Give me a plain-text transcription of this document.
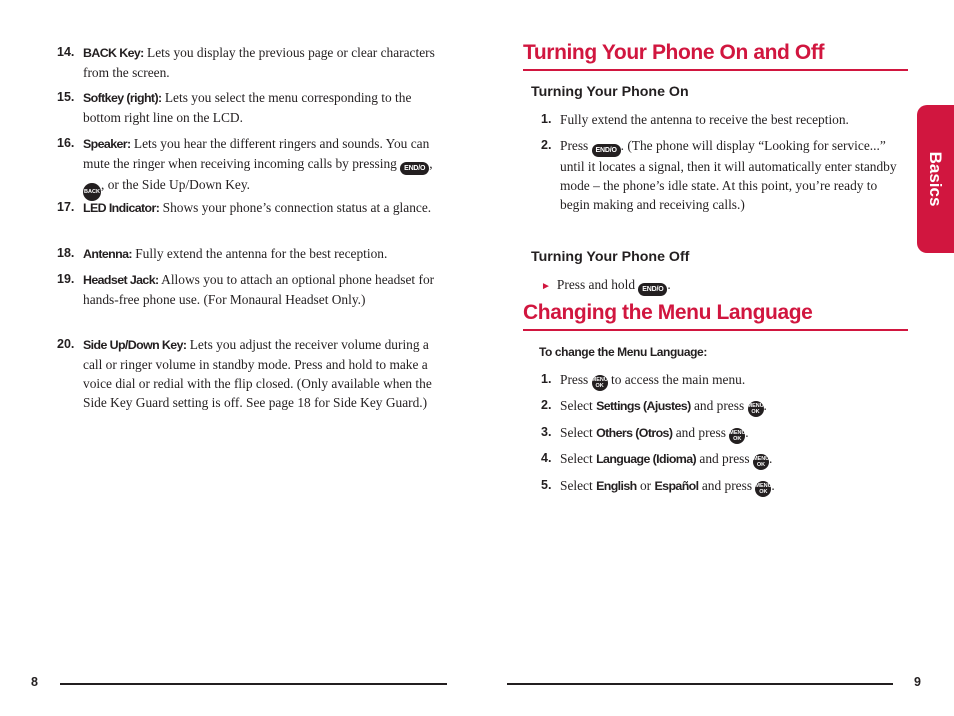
14. BACK Key: Lets you display the previous page or clear characters from the screen.
15. Softkey (right): Lets you select the menu corresponding to the bottom right line on the LCD.
16. Speaker: Lets you hear the different ringers and sounds. You can mute the ringer when receiving incoming calls by pressing END/O , BACK, or the Side Up/Down Key.
17. LED Indicator: Shows your phone’s connection status at a glance.
18. Antenna: Fully extend the antenna for the best reception.
19. Headset Jack: Allows you to attach an optional phone headset for hands-free phone use. (For Monaural Headset Only.)
20. Side Up/Down Key: Lets you adjust the receiver volume during a call or ringer volume in standby mode. Press and hold to make a voice dial or redial with the flip closed. (Only available when the Side Key Guard setting is off. See page 18 for Side Key Guard.)
8
Turning Your Phone On and Off
Turning Your Phone On
1. Fully extend the antenna to receive the best reception.
2. Press END/O . (The phone will display “Looking for service...” until it locates a signal, then it will automatically enter standby mode – the phone’s idle state. At this point, you’re ready to begin making and receiving calls.)
Turning Your Phone Off
► Press and hold END/O .
Changing the Menu Language
To change the Menu Language:
1. Press MENU
OK to access the main menu.
2. Select Settings (Ajustes) and press MENU
OK .
3. Select Others (Otros) and press MENU
OK .
4. Select Language (Idioma) and press MENU
OK .
5. Select English or Español and press MENU
OK .
9
Basics
